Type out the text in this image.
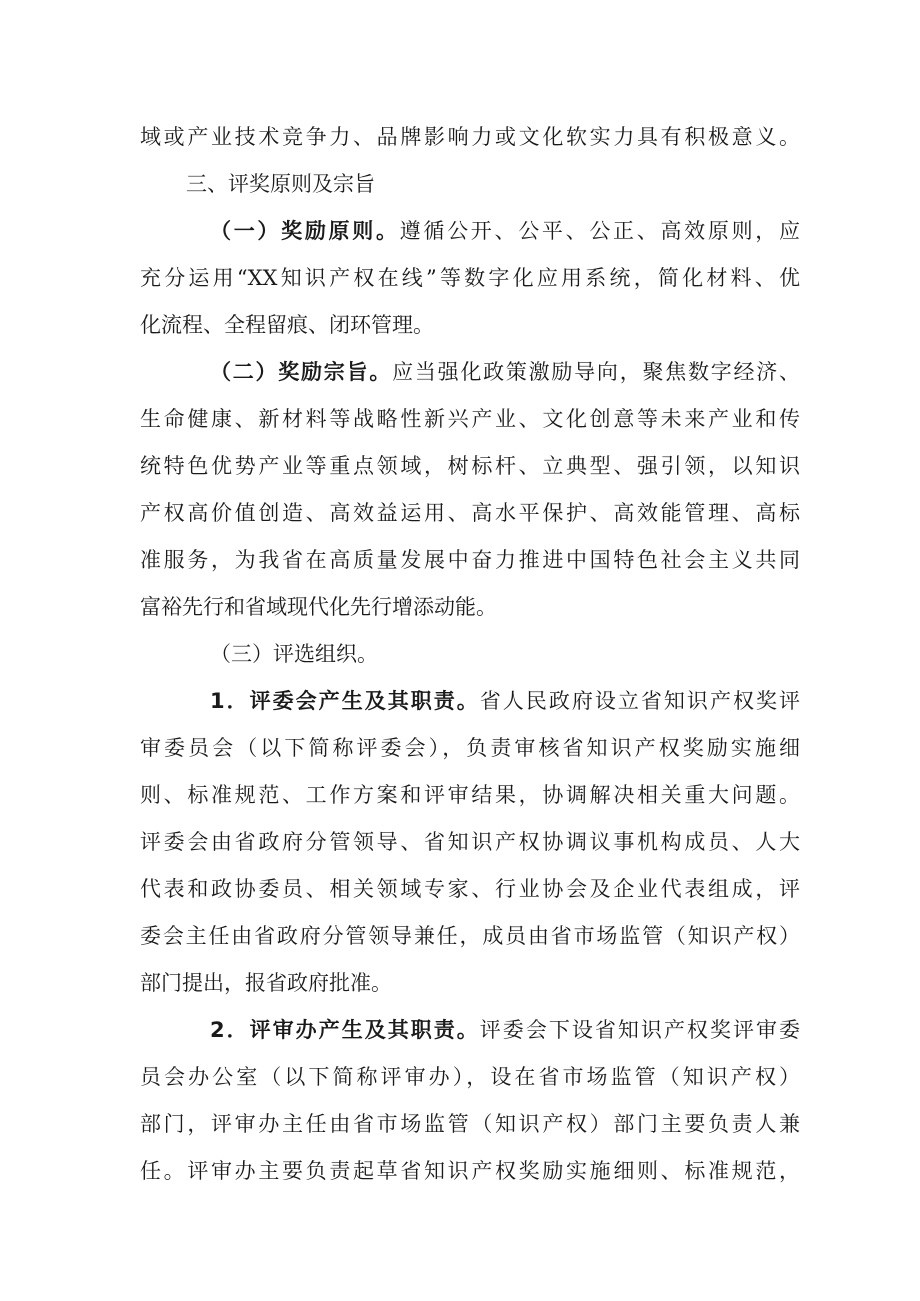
域或产业技术竞争力、品牌影响力或文化软实力具有积极意义。
三、评奖原则及宗旨
（一）奖励原则。遵循公开、公平、公正、高效原则，应
充分运用“XX知识产权在线”等数字化应用系统，简化材料、优
化流程、全程留痕、闭环管理。
（二）奖励宗旨。应当强化政策激励导向，聚焦数字经济、
生命健康、新材料等战略性新兴产业、文化创意等未来产业和传
统特色优势产业等重点领域，树标杆、立典型、强引领，以知识
产权高价值创造、高效益运用、高水平保护、高效能管理、高标
准服务，为我省在高质量发展中奋力推进中国特色社会主义共同
富裕先行和省域现代化先行增添动能。
（三）评选组织。
1．评委会产生及其职责。省人民政府设立省知识产权奖评
审委员会（以下简称评委会），负责审核省知识产权奖励实施细
则、标准规范、工作方案和评审结果，协调解决相关重大问题。
评委会由省政府分管领导、省知识产权协调议事机构成员、人大
代表和政协委员、相关领域专家、行业协会及企业代表组成，评
委会主任由省政府分管领导兼任，成员由省市场监管（知识产权）
部门提出，报省政府批准。
2．评审办产生及其职责。评委会下设省知识产权奖评审委
员会办公室（以下简称评审办），设在省市场监管（知识产权）
部门，评审办主任由省市场监管（知识产权）部门主要负责人兼
任。评审办主要负责起草省知识产权奖励实施细则、标准规范，
